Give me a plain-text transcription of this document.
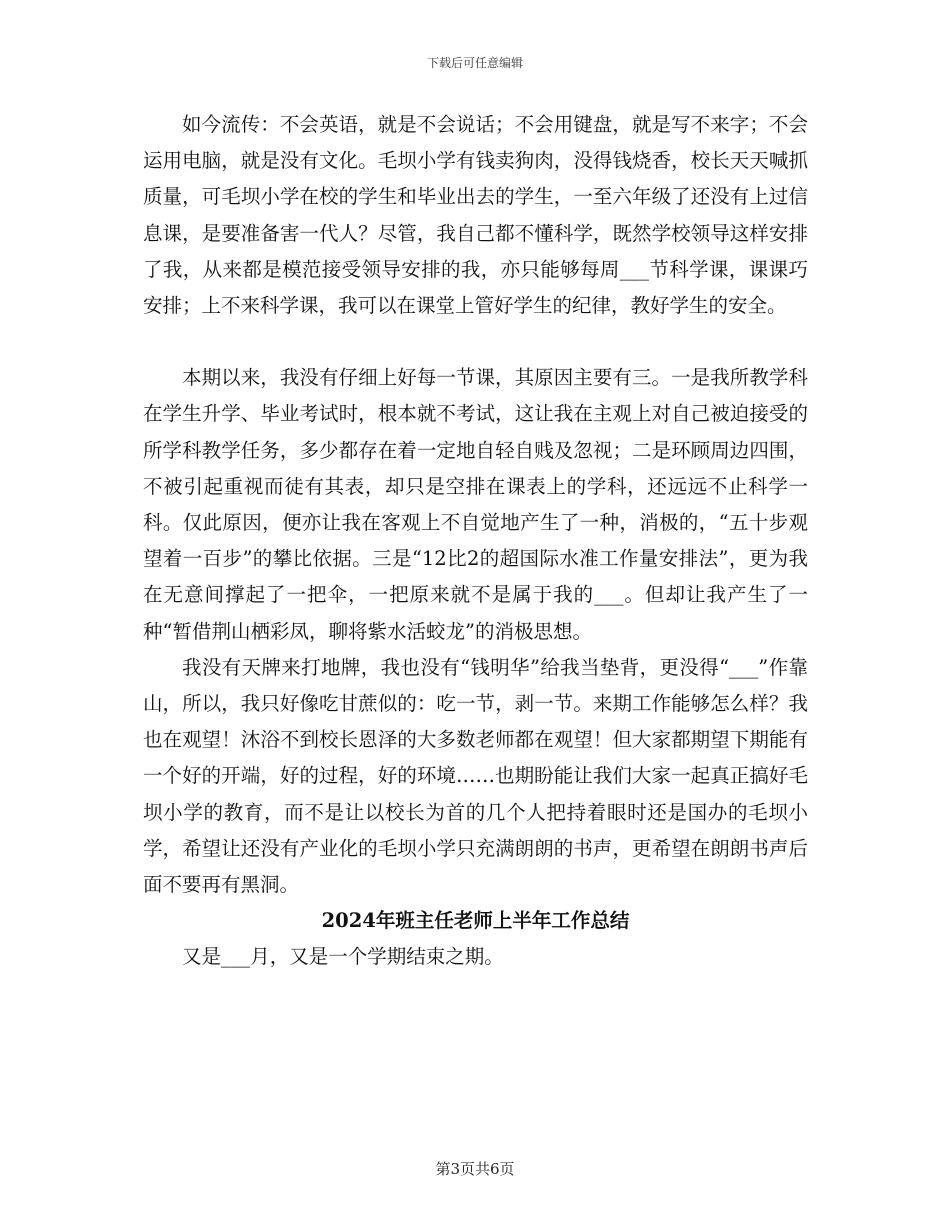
下载后可任意编辑

如今流传：不会英语，就是不会说话；不会用键盘，就是写不来字；不会运用电脑，就是没有文化。毛坝小学有钱卖狗肉，没得钱烧香，校长天天喊抓质量，可毛坝小学在校的学生和毕业出去的学生，一至六年级了还没有上过信息课，是要准备害一代人？尽管，我自己都不懂科学，既然学校领导这样安排了我，从来都是模范接受领导安排的我，亦只能够每周___节科学课，课课巧安排；上不来科学课，我可以在课堂上管好学生的纪律，教好学生的安全。

本期以来，我没有仔细上好每一节课，其原因主要有三。一是我所教学科在学生升学、毕业考试时，根本就不考试，这让我在主观上对自己被迫接受的所学科教学任务，多少都存在着一定地自轻自贱及忽视；二是环顾周边四围，不被引起重视而徒有其表，却只是空排在课表上的学科，还远远不止科学一科。仅此原因，便亦让我在客观上不自觉地产生了一种，消极的，“五十步观望着一百步”的攀比依据。三是“12比2的超国际水准工作量安排法”，更为我在无意间撑起了一把伞，一把原来就不是属于我的___。但却让我产生了一种“暂借荆山栖彩凤，聊将紫水活蛟龙”的消极思想。

我没有天牌来打地牌，我也没有“钱明华”给我当垫背，更没得“___”作靠山，所以，我只好像吃甘蔗似的：吃一节，剥一节。来期工作能够怎么样？我也在观望！沐浴不到校长恩泽的大多数老师都在观望！但大家都期望下期能有一个好的开端，好的过程，好的环境……也期盼能让我们大家一起真正搞好毛坝小学的教育，而不是让以校长为首的几个人把持着眼时还是国办的毛坝小学，希望让还没有产业化的毛坝小学只充满朗朗的书声，更希望在朗朗书声后面不要再有黑洞。

2024年班主任老师上半年工作总结

又是___月，又是一个学期结束之期。

第3页共6页
